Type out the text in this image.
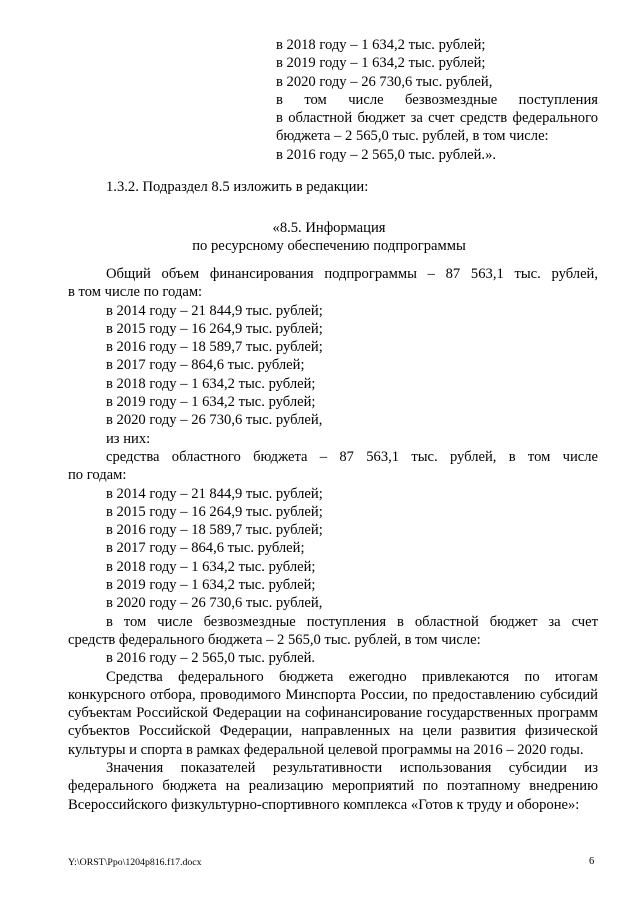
в 2018 году – 1 634,2 тыс. рублей;
в 2019 году – 1 634,2 тыс. рублей;
в 2020 году – 26 730,6 тыс. рублей,
в том числе безвозмездные поступления
в областной бюджет за счет средств федерального
бюджета – 2 565,0 тыс. рублей, в том числе:
в 2016 году – 2 565,0 тыс. рублей.».
1.3.2. Подраздел 8.5 изложить в редакции:
«8.5. Информация
по ресурсному обеспечению подпрограммы
Общий объем финансирования подпрограммы – 87 563,1 тыс. рублей,
в том числе по годам:
в 2014 году – 21 844,9 тыс. рублей;
в 2015 году – 16 264,9 тыс. рублей;
в 2016 году – 18 589,7 тыс. рублей;
в 2017 году – 864,6 тыс. рублей;
в 2018 году – 1 634,2 тыс. рублей;
в 2019 году – 1 634,2 тыс. рублей;
в 2020 году – 26 730,6 тыс. рублей,
из них:
средства областного бюджета – 87 563,1 тыс. рублей, в том числе
по годам:
в 2014 году – 21 844,9 тыс. рублей;
в 2015 году – 16 264,9 тыс. рублей;
в 2016 году – 18 589,7 тыс. рублей;
в 2017 году – 864,6 тыс. рублей;
в 2018 году – 1 634,2 тыс. рублей;
в 2019 году – 1 634,2 тыс. рублей;
в 2020 году – 26 730,6 тыс. рублей,
в том числе безвозмездные поступления в областной бюджет за счет
средств федерального бюджета – 2 565,0 тыс. рублей, в том числе:
в 2016 году – 2 565,0 тыс. рублей.
Средства федерального бюджета ежегодно привлекаются по итогам конкурсного отбора, проводимого Минспорта России, по предоставлению субсидий субъектам Российской Федерации на софинансирование государственных программ субъектов Российской Федерации, направленных на цели развития физической культуры и спорта в рамках федеральной целевой программы на 2016 – 2020 годы.
Значения показателей результативности использования субсидии из федерального бюджета на реализацию мероприятий по поэтапному внедрению Всероссийского физкультурно-спортивного комплекса «Готов к труду и обороне»:
Y:\ORST\Ppo\1204p816.f17.docx	6
